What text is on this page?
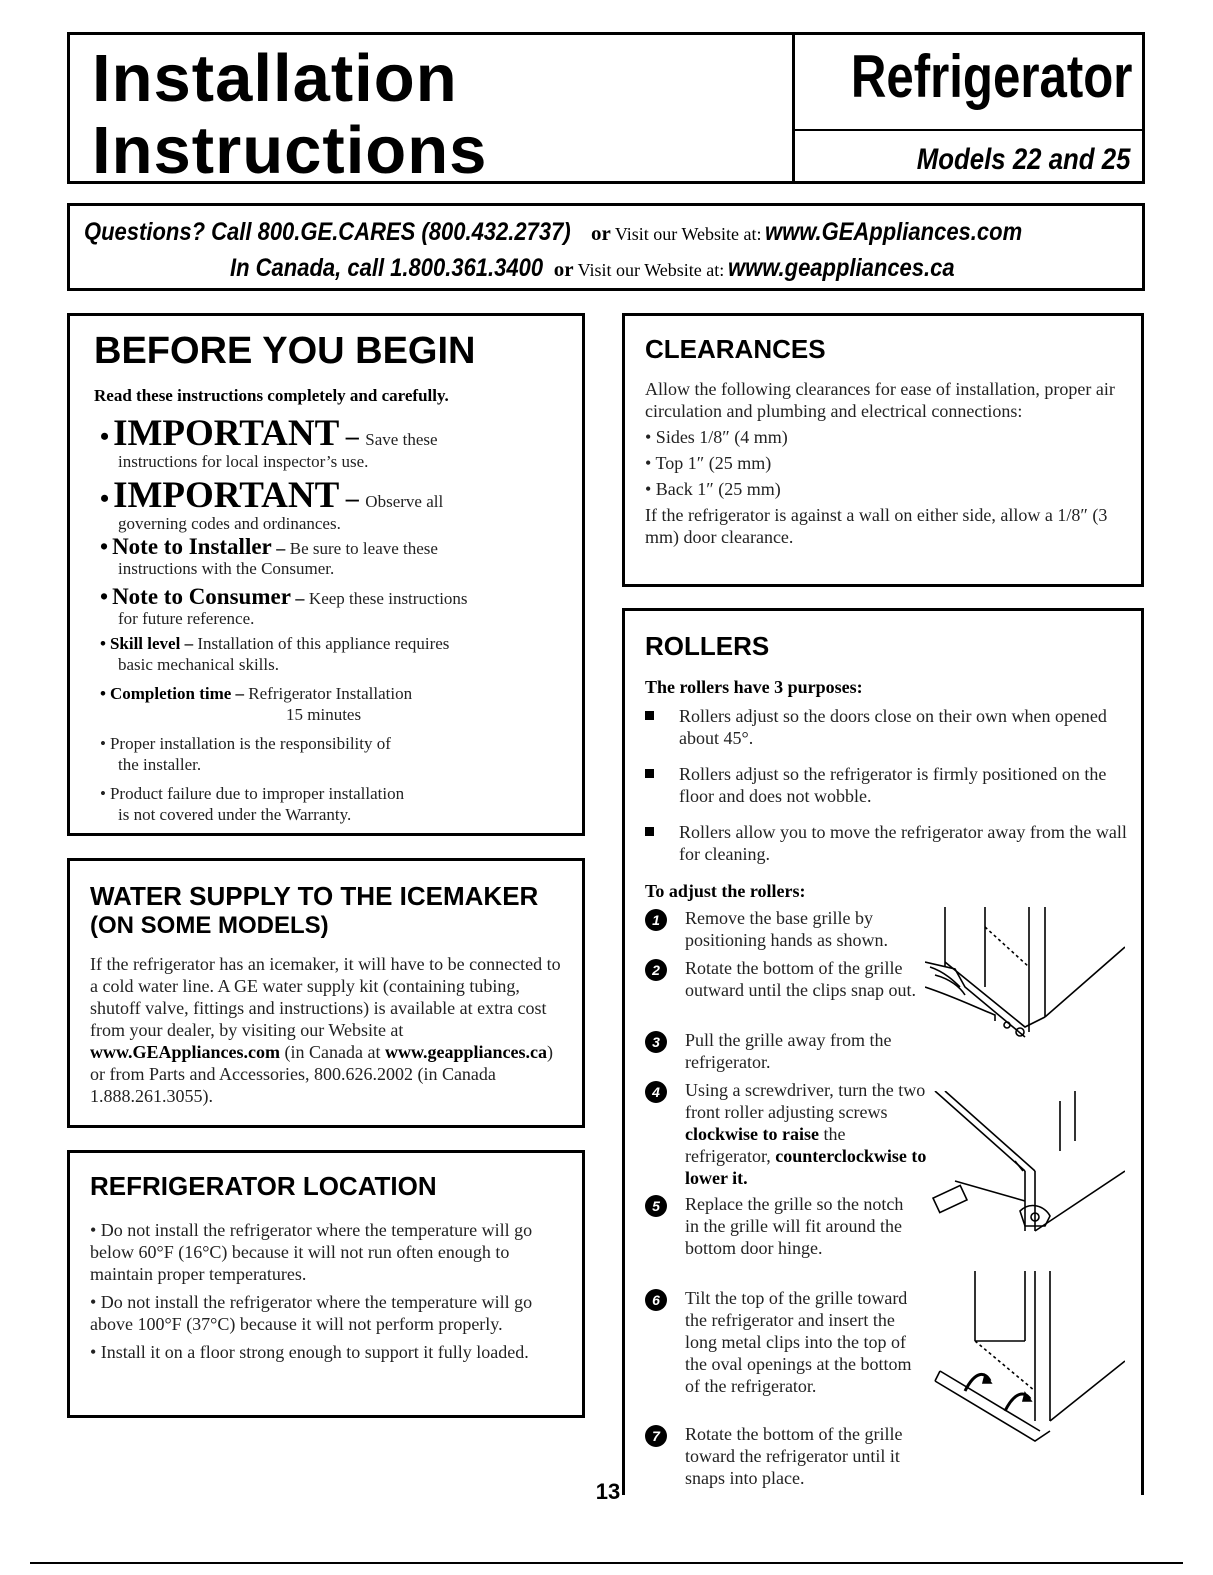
Installation
Instructions
Refrigerator
Models 22 and 25
Questions? Call 800.GE.CARES (800.432.2737) or Visit our Website at: www.GEAppliances.com
In Canada, call 1.800.361.3400 or Visit our Website at: www.geappliances.ca
BEFORE YOU BEGIN
Read these instructions completely and carefully.
• IMPORTANT – Save these
instructions for local inspector’s use.
• IMPORTANT – Observe all
governing codes and ordinances.
• Note to Installer – Be sure to leave these
instructions with the Consumer.
• Note to Consumer – Keep these instructions
for future reference.
• Skill level – Installation of this appliance requires
basic mechanical skills.
• Completion time – Refrigerator Installation
15 minutes
• Proper installation is the responsibility of
the installer.
• Product failure due to improper installation
is not covered under the Warranty.
WATER SUPPLY TO THE ICEMAKER
(ON SOME MODELS)

If the refrigerator has an icemaker, it will have to be connected to a cold water line. A GE water supply kit (containing tubing, shutoff valve, fittings and instructions) is available at extra cost from your dealer, by visiting our Website at www.GEAppliances.com (in Canada at www.geappliances.ca) or from Parts and Accessories, 800.626.2002 (in Canada 1.888.261.3055).

REFRIGERATOR LOCATION
• Do not install the refrigerator where the temperature will go below 60°F (16°C) because it will not run often enough to maintain proper temperatures.
• Do not install the refrigerator where the temperature will go above 100°F (37°C) because it will not perform properly.
• Install it on a floor strong enough to support it fully loaded.
CLEARANCES

Allow the following clearances for ease of installation, proper air circulation and plumbing and electrical connections:

• Sides 1/8″ (4 mm)
• Top 1″ (25 mm)
• Back 1″ (25 mm)

If the refrigerator is against a wall on either side, allow a 1/8″ (3 mm) door clearance.

ROLLERS
The rollers have 3 purposes:
Rollers adjust so the doors close on their own when opened about 45°.
Rollers adjust so the refrigerator is firmly positioned on the floor and does not wobble.
Rollers allow you to move the refrigerator away from the wall for cleaning.
To adjust the rollers:
1	Remove the base grille by positioning hands as shown.
2	Rotate the bottom of the grille outward until the clips snap out.
3	Pull the grille away from the refrigerator.
4	Using a screwdriver, turn the two front roller adjusting screws clockwise to raise the refrigerator, counterclockwise to lower it.
5	Replace the grille so the notch in the grille will fit around the bottom door hinge.
6	Tilt the top of the grille toward the refrigerator and insert the long metal clips into the top of the oval openings at the bottom of the refrigerator.
7	Rotate the bottom of the grille toward the refrigerator until it snaps into place.
13
